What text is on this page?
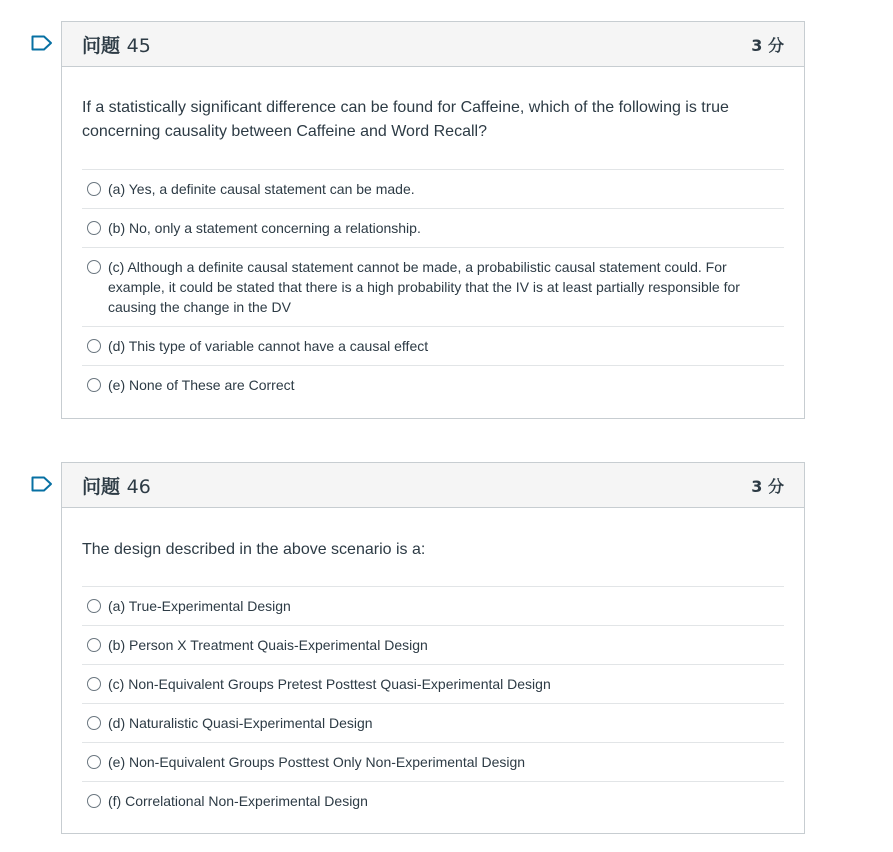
问题 45	3 分

If a statistically significant difference can be found for Caffeine, which of the following is true concerning causality between Caffeine and Word Recall?

(a) Yes, a definite causal statement can be made.
(b) No, only a statement concerning a relationship.
(c) Although a definite causal statement cannot be made, a probabilistic causal statement could. For example, it could be stated that there is a high probability that the IV is at least partially responsible for causing the change in the DV
(d) This type of variable cannot have a causal effect
(e) None of These are Correct
问题 46	3 分

The design described in the above scenario is a:

(a) True-Experimental Design
(b) Person X Treatment Quais-Experimental Design
(c) Non-Equivalent Groups Pretest Posttest Quasi-Experimental Design
(d) Naturalistic Quasi-Experimental Design
(e) Non-Equivalent Groups Posttest Only Non-Experimental Design
(f) Correlational Non-Experimental Design
